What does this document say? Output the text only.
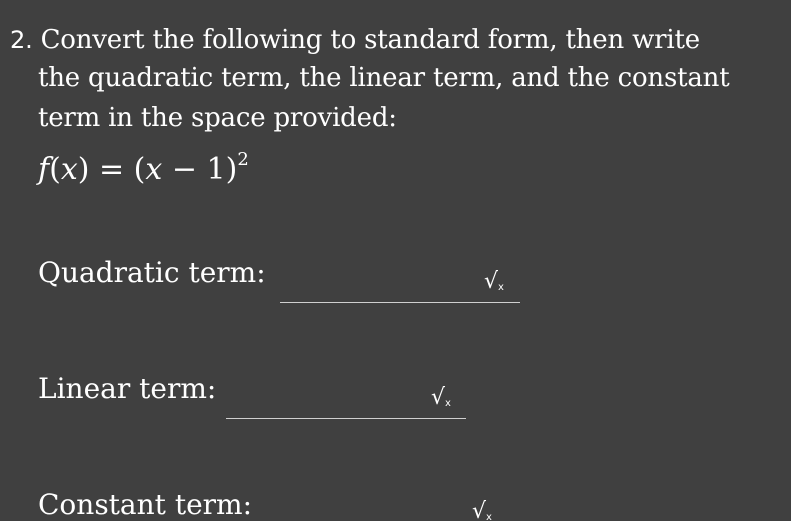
2. Convert the following to standard form, then write
the quadratic term, the linear term, and the constant
term in the space provided:
$f(x) = (x - 1)^2$
Quadratic term:	√x
Linear term:	√x
Constant term:	√x
